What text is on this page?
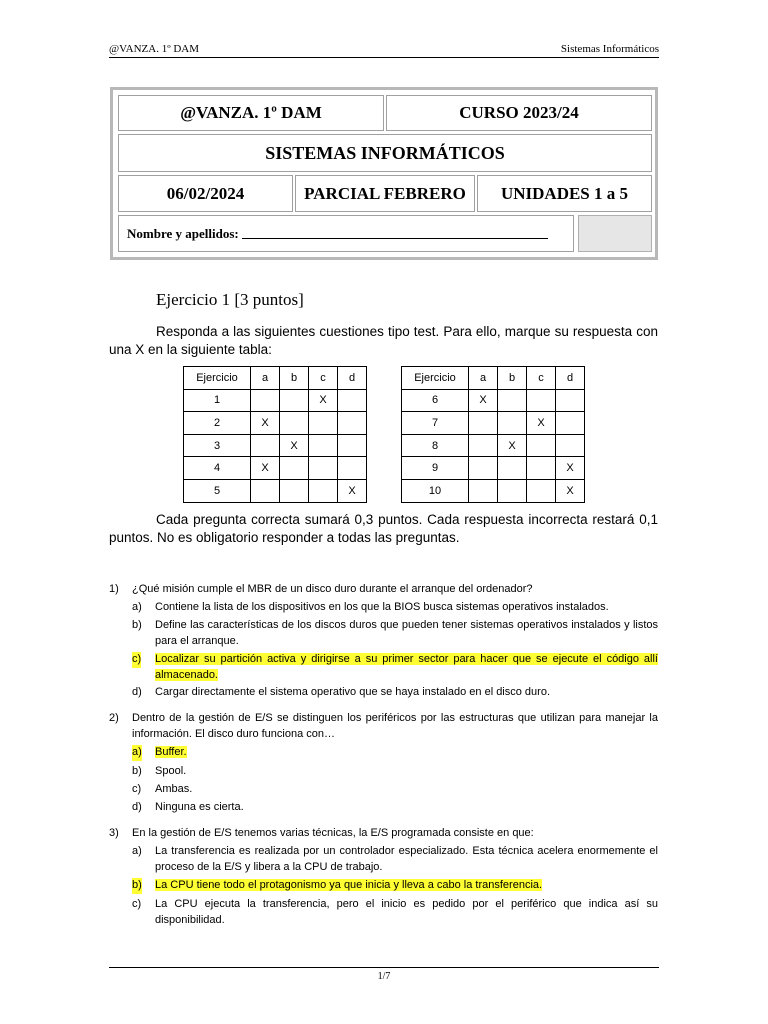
@VANZA. 1º DAM	Sistemas Informáticos
@VANZA. 1º DAM	CURSO 2023/24
SISTEMAS INFORMÁTICOS
06/02/2024	PARCIAL FEBRERO	UNIDADES 1 a 5
Nombre y apellidos:
Ejercicio 1 [3 puntos]
Responda a las siguientes cuestiones tipo test. Para ello, marque su respuesta con una X en la siguiente tabla:
Ejercicio	a	b	c	d
1			X	
2	X			
3		X		
4	X			
5				X
Ejercicio	a	b	c	d
6	X			
7			X	
8		X		
9				X
10				X
Cada pregunta correcta sumará 0,3 puntos. Cada respuesta incorrecta restará 0,1 puntos. No es obligatorio responder a todas las preguntas.
1) ¿Qué misión cumple el MBR de un disco duro durante el arranque del ordenador?
a) Contiene la lista de los dispositivos en los que la BIOS busca sistemas operativos instalados.
b) Define las características de los discos duros que pueden tener sistemas operativos instalados y listos para el arranque.
c) Localizar su partición activa y dirigirse a su primer sector para hacer que se ejecute el código allí almacenado.
d) Cargar directamente el sistema operativo que se haya instalado en el disco duro.
2) Dentro de la gestión de E/S se distinguen los periféricos por las estructuras que utilizan para manejar la información. El disco duro funciona con…
a) Buffer.
b) Spool.
c) Ambas.
d) Ninguna es cierta.
3) En la gestión de E/S tenemos varias técnicas, la E/S programada consiste en que:
a) La transferencia es realizada por un controlador especializado. Esta técnica acelera enormemente el proceso de la E/S y libera a la CPU de trabajo.
b) La CPU tiene todo el protagonismo ya que inicia y lleva a cabo la transferencia.
c) La CPU ejecuta la transferencia, pero el inicio es pedido por el periférico que indica así su disponibilidad.
1/7
